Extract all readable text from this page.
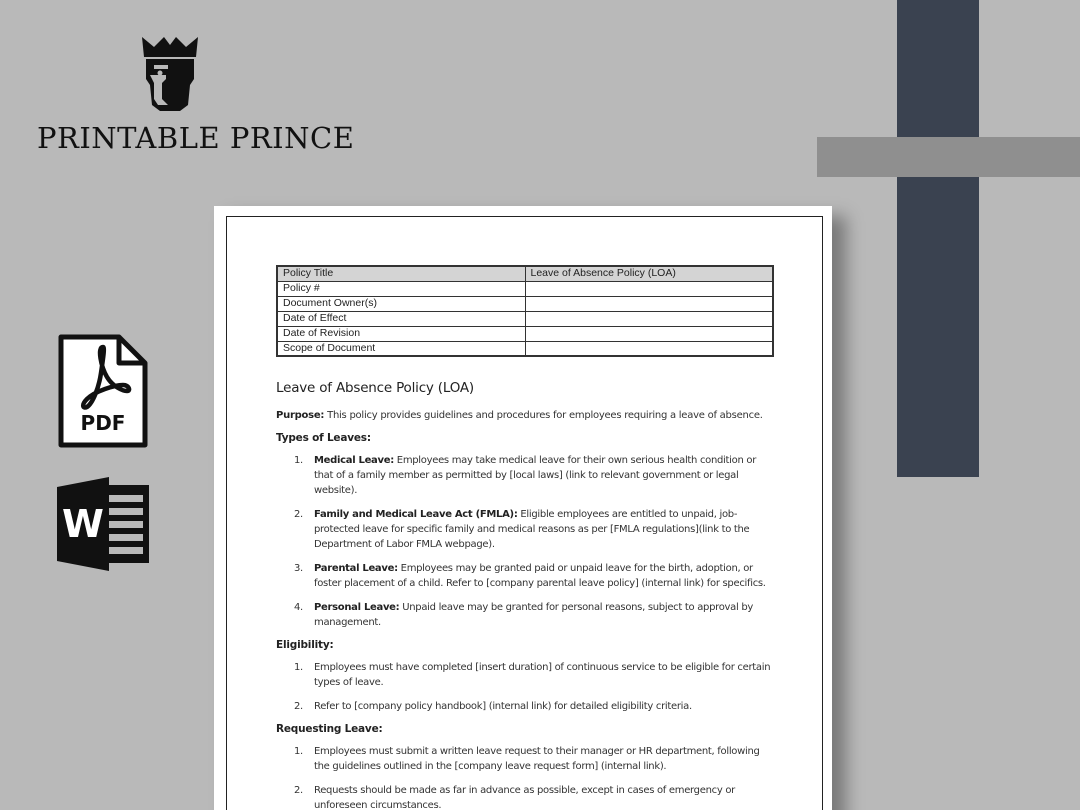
PRINTABLE PRINCE
PDF
W
Policy Title	Leave of Absence Policy (LOA)
Policy #	
Document Owner(s)	
Date of Effect	
Date of Revision	
Scope of Document	
Leave of Absence Policy (LOA)

Purpose: This policy provides guidelines and procedures for employees requiring a leave of absence.

Types of Leaves:
1. Medical Leave: Employees may take medical leave for their own serious health condition or that of a family member as permitted by [local laws] (link to relevant government or legal website).
2. Family and Medical Leave Act (FMLA): Eligible employees are entitled to unpaid, job-protected leave for specific family and medical reasons as per [FMLA regulations](link to the Department of Labor FMLA webpage).
3. Parental Leave: Employees may be granted paid or unpaid leave for the birth, adoption, or foster placement of a child. Refer to [company parental leave policy] (internal link) for specifics.
4. Personal Leave: Unpaid leave may be granted for personal reasons, subject to approval by management.
Eligibility:
1. Employees must have completed [insert duration] of continuous service to be eligible for certain types of leave.
2. Refer to [company policy handbook] (internal link) for detailed eligibility criteria.
Requesting Leave:
1. Employees must submit a written leave request to their manager or HR department, following the guidelines outlined in the [company leave request form] (internal link).
2. Requests should be made as far in advance as possible, except in cases of emergency or unforeseen circumstances.
